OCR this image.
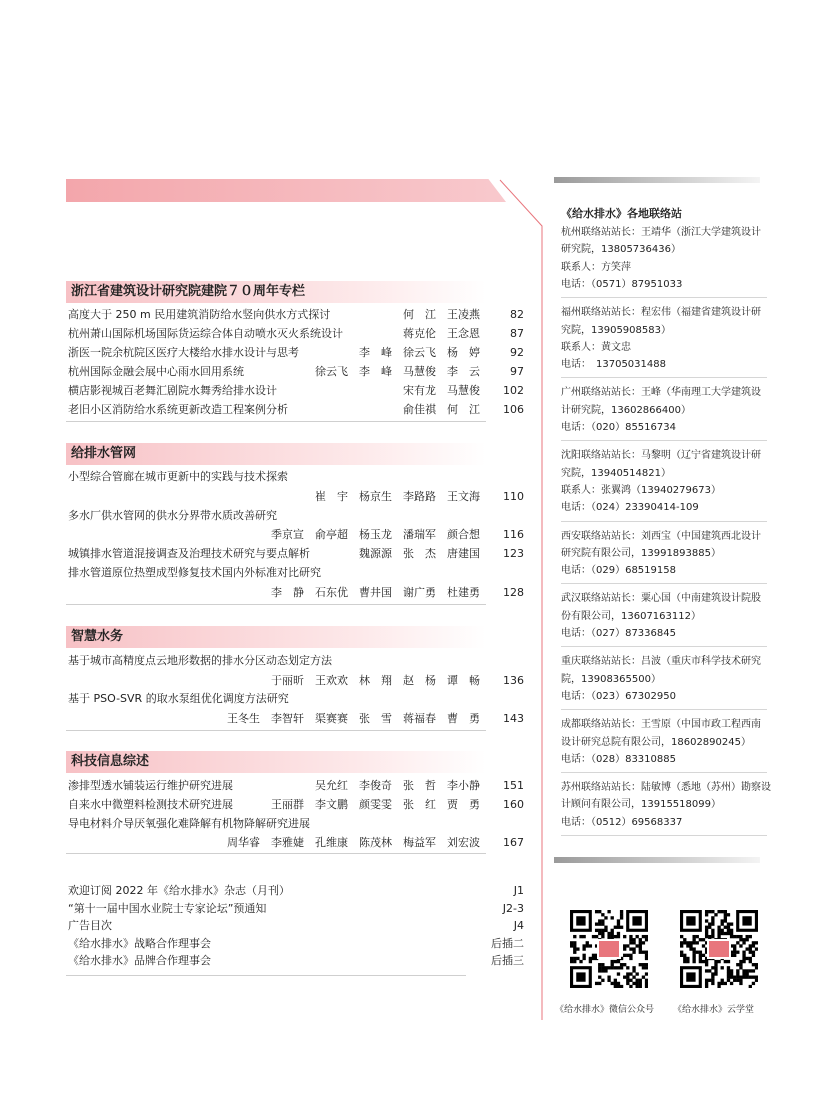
浙江省建筑设计研究院建院７０周年专栏
高度大于 250 m 民用建筑消防给水竖向供水方式探讨	何　江　王凌燕	82
杭州萧山国际机场国际货运综合体自动喷水灭火系统设计	蒋克伦　王念恩	87
浙医一院余杭院区医疗大楼给水排水设计与思考	李　峰　徐云飞　杨　婷	92
杭州国际金融会展中心雨水回用系统	徐云飞　李　峰　马慧俊　李　云	97
横店影视城百老舞汇剧院水舞秀给排水设计	宋有龙　马慧俊	102
老旧小区消防给水系统更新改造工程案例分析	俞佳祺　何　江	106
给排水管网
小型综合管廊在城市更新中的实践与技术探索
崔　宇　杨京生　李路路　王文海	110
多水厂供水管网的供水分界带水质改善研究
季京宣　俞亭超　杨玉龙　潘瑞军　颜合想	116
城镇排水管道混接调查及治理技术研究与要点解析	魏源源　张　杰　唐建国	123
排水管道原位热塑成型修复技术国内外标准对比研究
李　静　石东优　曹井国　谢广勇　杜建勇	128
智慧水务
基于城市高精度点云地形数据的排水分区动态划定方法
于丽昕　王欢欢　林　翔　赵　杨　谭　畅	136
基于 PSO-SVR 的取水泵组优化调度方法研究
王冬生　李智轩　渠赛赛　张　雪　蒋福春　曹　勇	143
科技信息综述
渗排型透水铺装运行维护研究进展	吴允红　李俊奇　张　哲　李小静	151
自来水中微塑料检测技术研究进展	王丽群　李文鹏　颜雯雯　张　红　贾　勇	160
导电材料介导厌氧强化难降解有机物降解研究进展
周华睿　李雅婕　孔维康　陈茂林　梅益军　刘宏波	167
欢迎订阅 2022 年《给水排水》杂志（月刊）	J1
“第十一届中国水业院士专家论坛”预通知	J2-3
广告目次	J4
《给水排水》战略合作理事会	后插二
《给水排水》品牌合作理事会	后插三
《给水排水》各地联络站
杭州联络站站长：王靖华（浙江大学建筑设计
研究院，13805736436）
联系人：方笑萍
电话：（0571）87951033
福州联络站站长：程宏伟（福建省建筑设计研
究院，13905908583）
联系人：黄文忠
电话：　13705031488
广州联络站站长：王峰（华南理工大学建筑设
计研究院，13602866400）
电话：（020）85516734
沈阳联络站站长：马黎明（辽宁省建筑设计研
究院，13940514821）
联系人：张翼鸿（13940279673）
电话：（024）23390414-109
西安联络站站长：刘西宝（中国建筑西北设计
研究院有限公司，13991893885）
电话：（029）68519158
武汉联络站站长：粟心国（中南建筑设计院股
份有限公司，13607163112）
电话：（027）87336845
重庆联络站站长：吕波（重庆市科学技术研究
院，13908365500）
电话：（023）67302950
成都联络站站长：王雪原（中国市政工程西南
设计研究总院有限公司，18602890245）
电话：（028）83310885
苏州联络站站长：陆敏博（悉地（苏州）勘察设
计顾问有限公司，13915518099）
电话：（0512）69568337
《给水排水》微信公众号 《给水排水》云学堂
